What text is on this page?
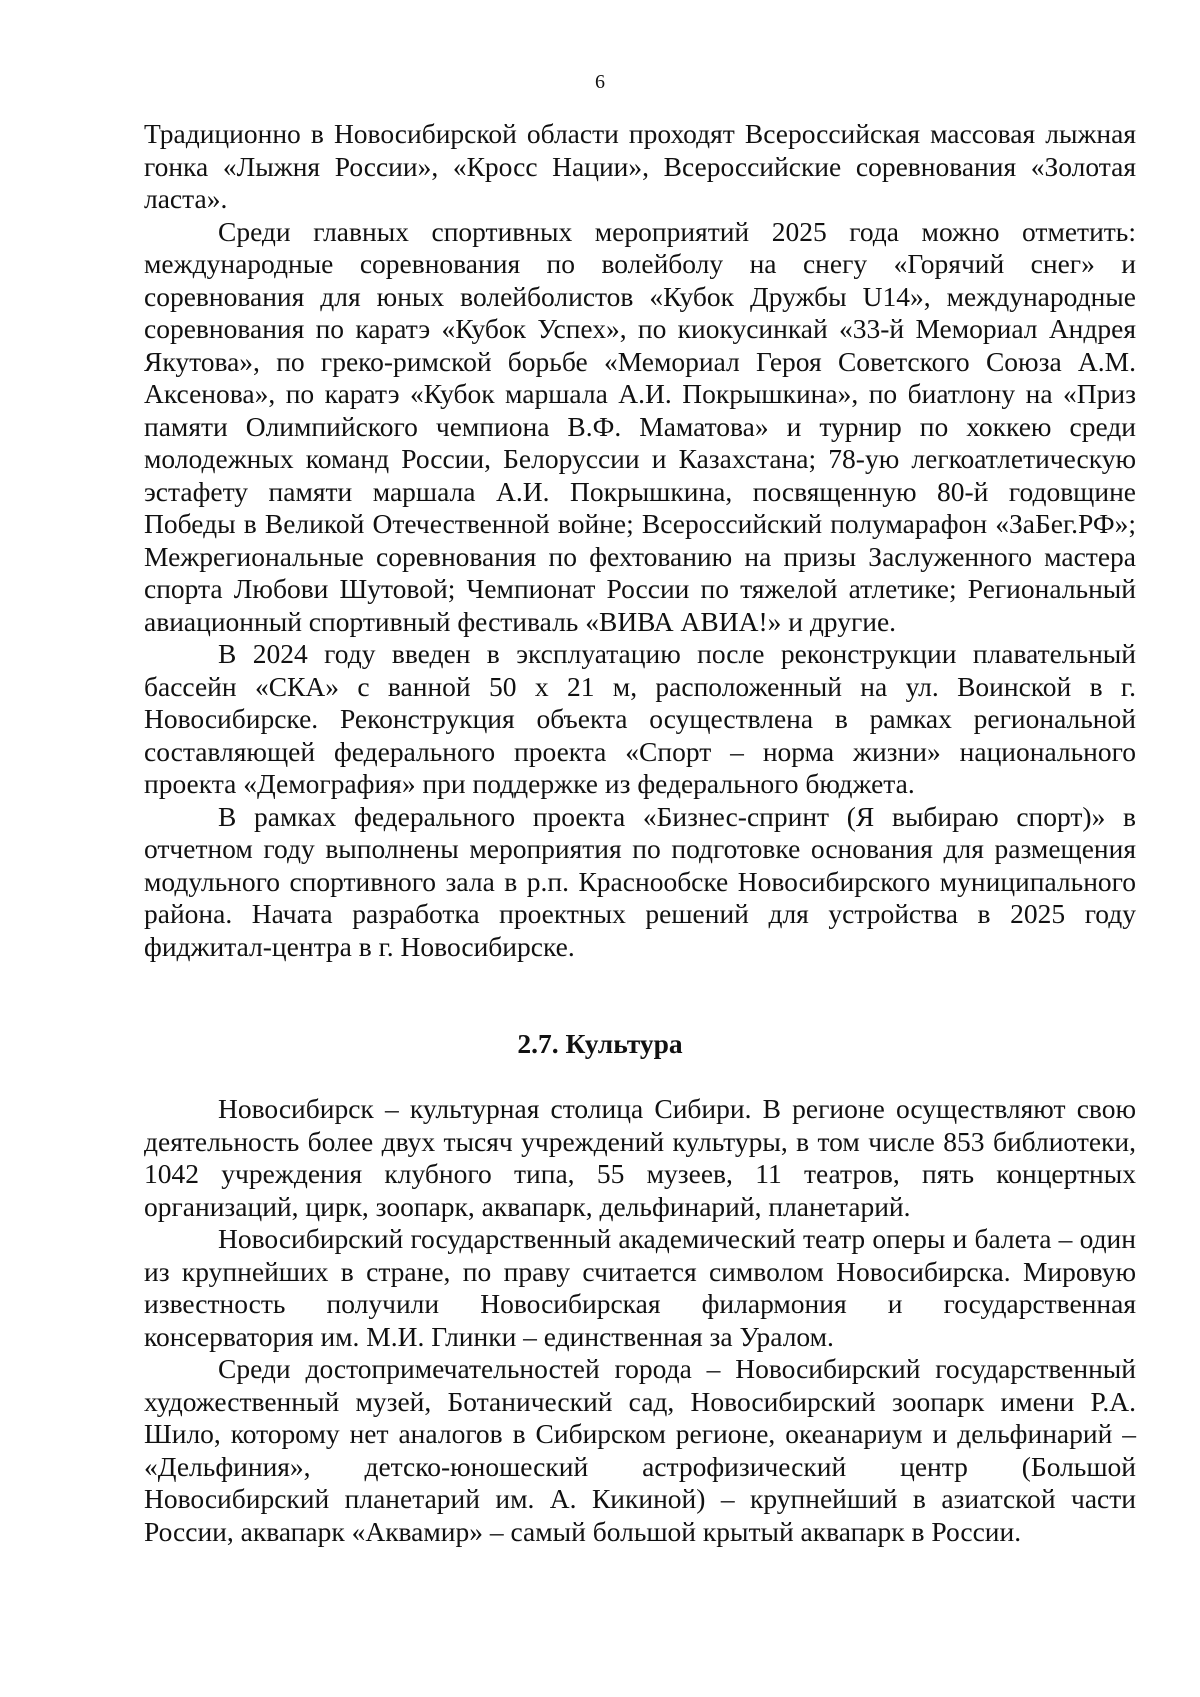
6

Традиционно в Новосибирской области проходят Всероссийская массовая лыжная гонка «Лыжня России», «Кросс Нации», Всероссийские соревнования «Золотая ласта».

Среди главных спортивных мероприятий 2025 года можно отметить: международные соревнования по волейболу на снегу «Горячий снег» и соревнования для юных волейболистов «Кубок Дружбы U14», международные соревнования по каратэ «Кубок Успех», по киокусинкай «33-й Мемориал Андрея Якутова», по греко-римской борьбе «Мемориал Героя Советского Союза А.М. Аксенова», по каратэ «Кубок маршала А.И. Покрышкина», по биатлону на «Приз памяти Олимпийского чемпиона В.Ф. Маматова» и турнир по хоккею среди молодежных команд России, Белоруссии и Казахстана; 78-ую легкоатлетическую эстафету памяти маршала А.И. Покрышкина, посвященную 80-й годовщине Победы в Великой Отечественной войне; Всероссийский полумарафон «ЗаБег.РФ»; Межрегиональные соревнования по фехтованию на призы Заслуженного мастера спорта Любови Шутовой; Чемпионат России по тяжелой атлетике; Региональный авиационный спортивный фестиваль «ВИВА АВИА!» и другие.

В 2024 году введен в эксплуатацию после реконструкции плавательный бассейн «СКА» с ванной 50 х 21 м, расположенный на ул. Воинской в г. Новосибирске. Реконструкция объекта осуществлена в рамках региональной составляющей федерального проекта «Спорт – норма жизни» национального проекта «Демография» при поддержке из федерального бюджета.

В рамках федерального проекта «Бизнес-спринт (Я выбираю спорт)» в отчетном году выполнены мероприятия по подготовке основания для размещения модульного спортивного зала в р.п. Краснообске Новосибирского муниципального района. Начата разработка проектных решений для устройства в 2025 году фиджитал-центра в г. Новосибирске.

2.7. Культура

Новосибирск – культурная столица Сибири. В регионе осуществляют свою деятельность более двух тысяч учреждений культуры, в том числе 853 библиотеки, 1042 учреждения клубного типа, 55 музеев, 11 театров, пять концертных организаций, цирк, зоопарк, аквапарк, дельфинарий, планетарий.

Новосибирский государственный академический театр оперы и балета – один из крупнейших в стране, по праву считается символом Новосибирска. Мировую известность получили Новосибирская филармония и государственная консерватория им. М.И. Глинки – единственная за Уралом.

Среди достопримечательностей города – Новосибирский государственный художественный музей, Ботанический сад, Новосибирский зоопарк имени Р.А. Шило, которому нет аналогов в Сибирском регионе, океанариум и дельфинарий – «Дельфиния», детско-юношеский астрофизический центр (Большой Новосибирский планетарий им. А. Кикиной) – крупнейший в азиатской части России, аквапарк «Аквамир» – самый большой крытый аквапарк в России.
